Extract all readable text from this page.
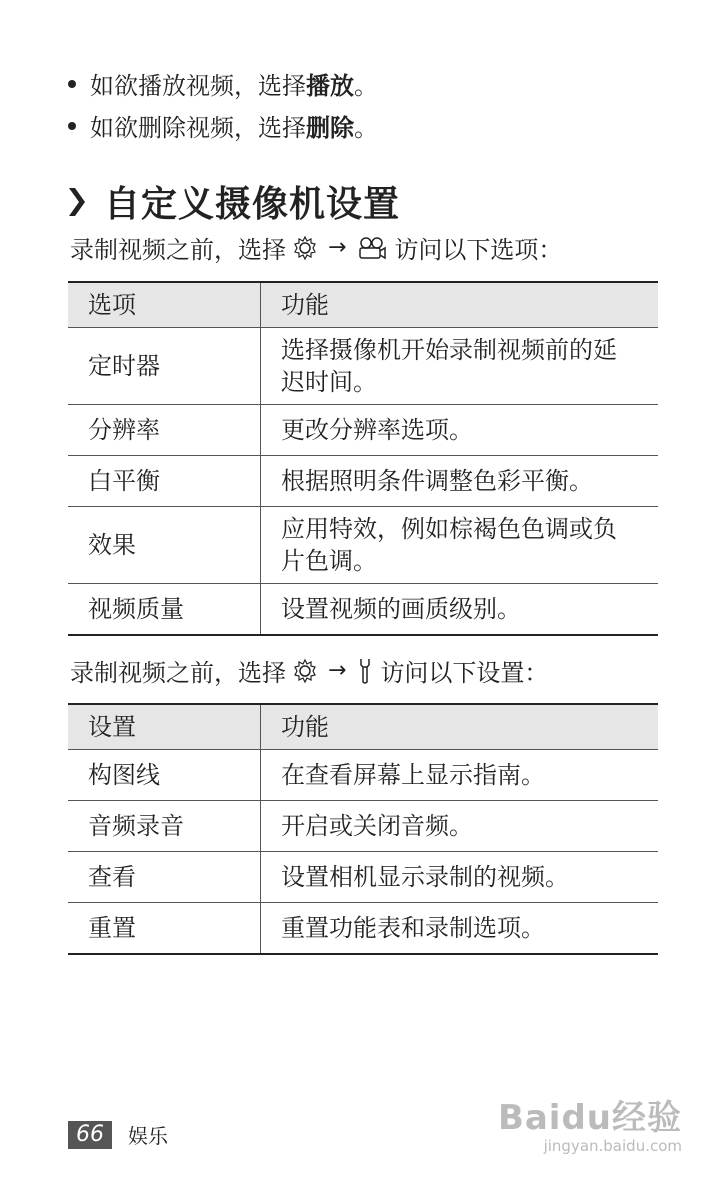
如欲播放视频，选择 播放 。
如欲删除视频，选择 删除 。
自定义摄像机设置
录制视频之前，选择 → 访问以下选项：
选项	功能
定时器	选择摄像机开始录制视频前的延迟时间。
分辨率	更改分辨率选项。
白平衡	根据照明条件调整色彩平衡。
效果	应用特效，例如棕褐色色调或负片色调。
视频质量	设置视频的画质级别。
录制视频之前，选择 → 访问以下设置：
设置	功能
构图线	在查看屏幕上显示指南。
音频录音	开启或关闭音频。
查看	设置相机显示录制的视频。
重置	重置功能表和录制选项。
66	娱乐	Baidu经验
jingyan.baidu.com
